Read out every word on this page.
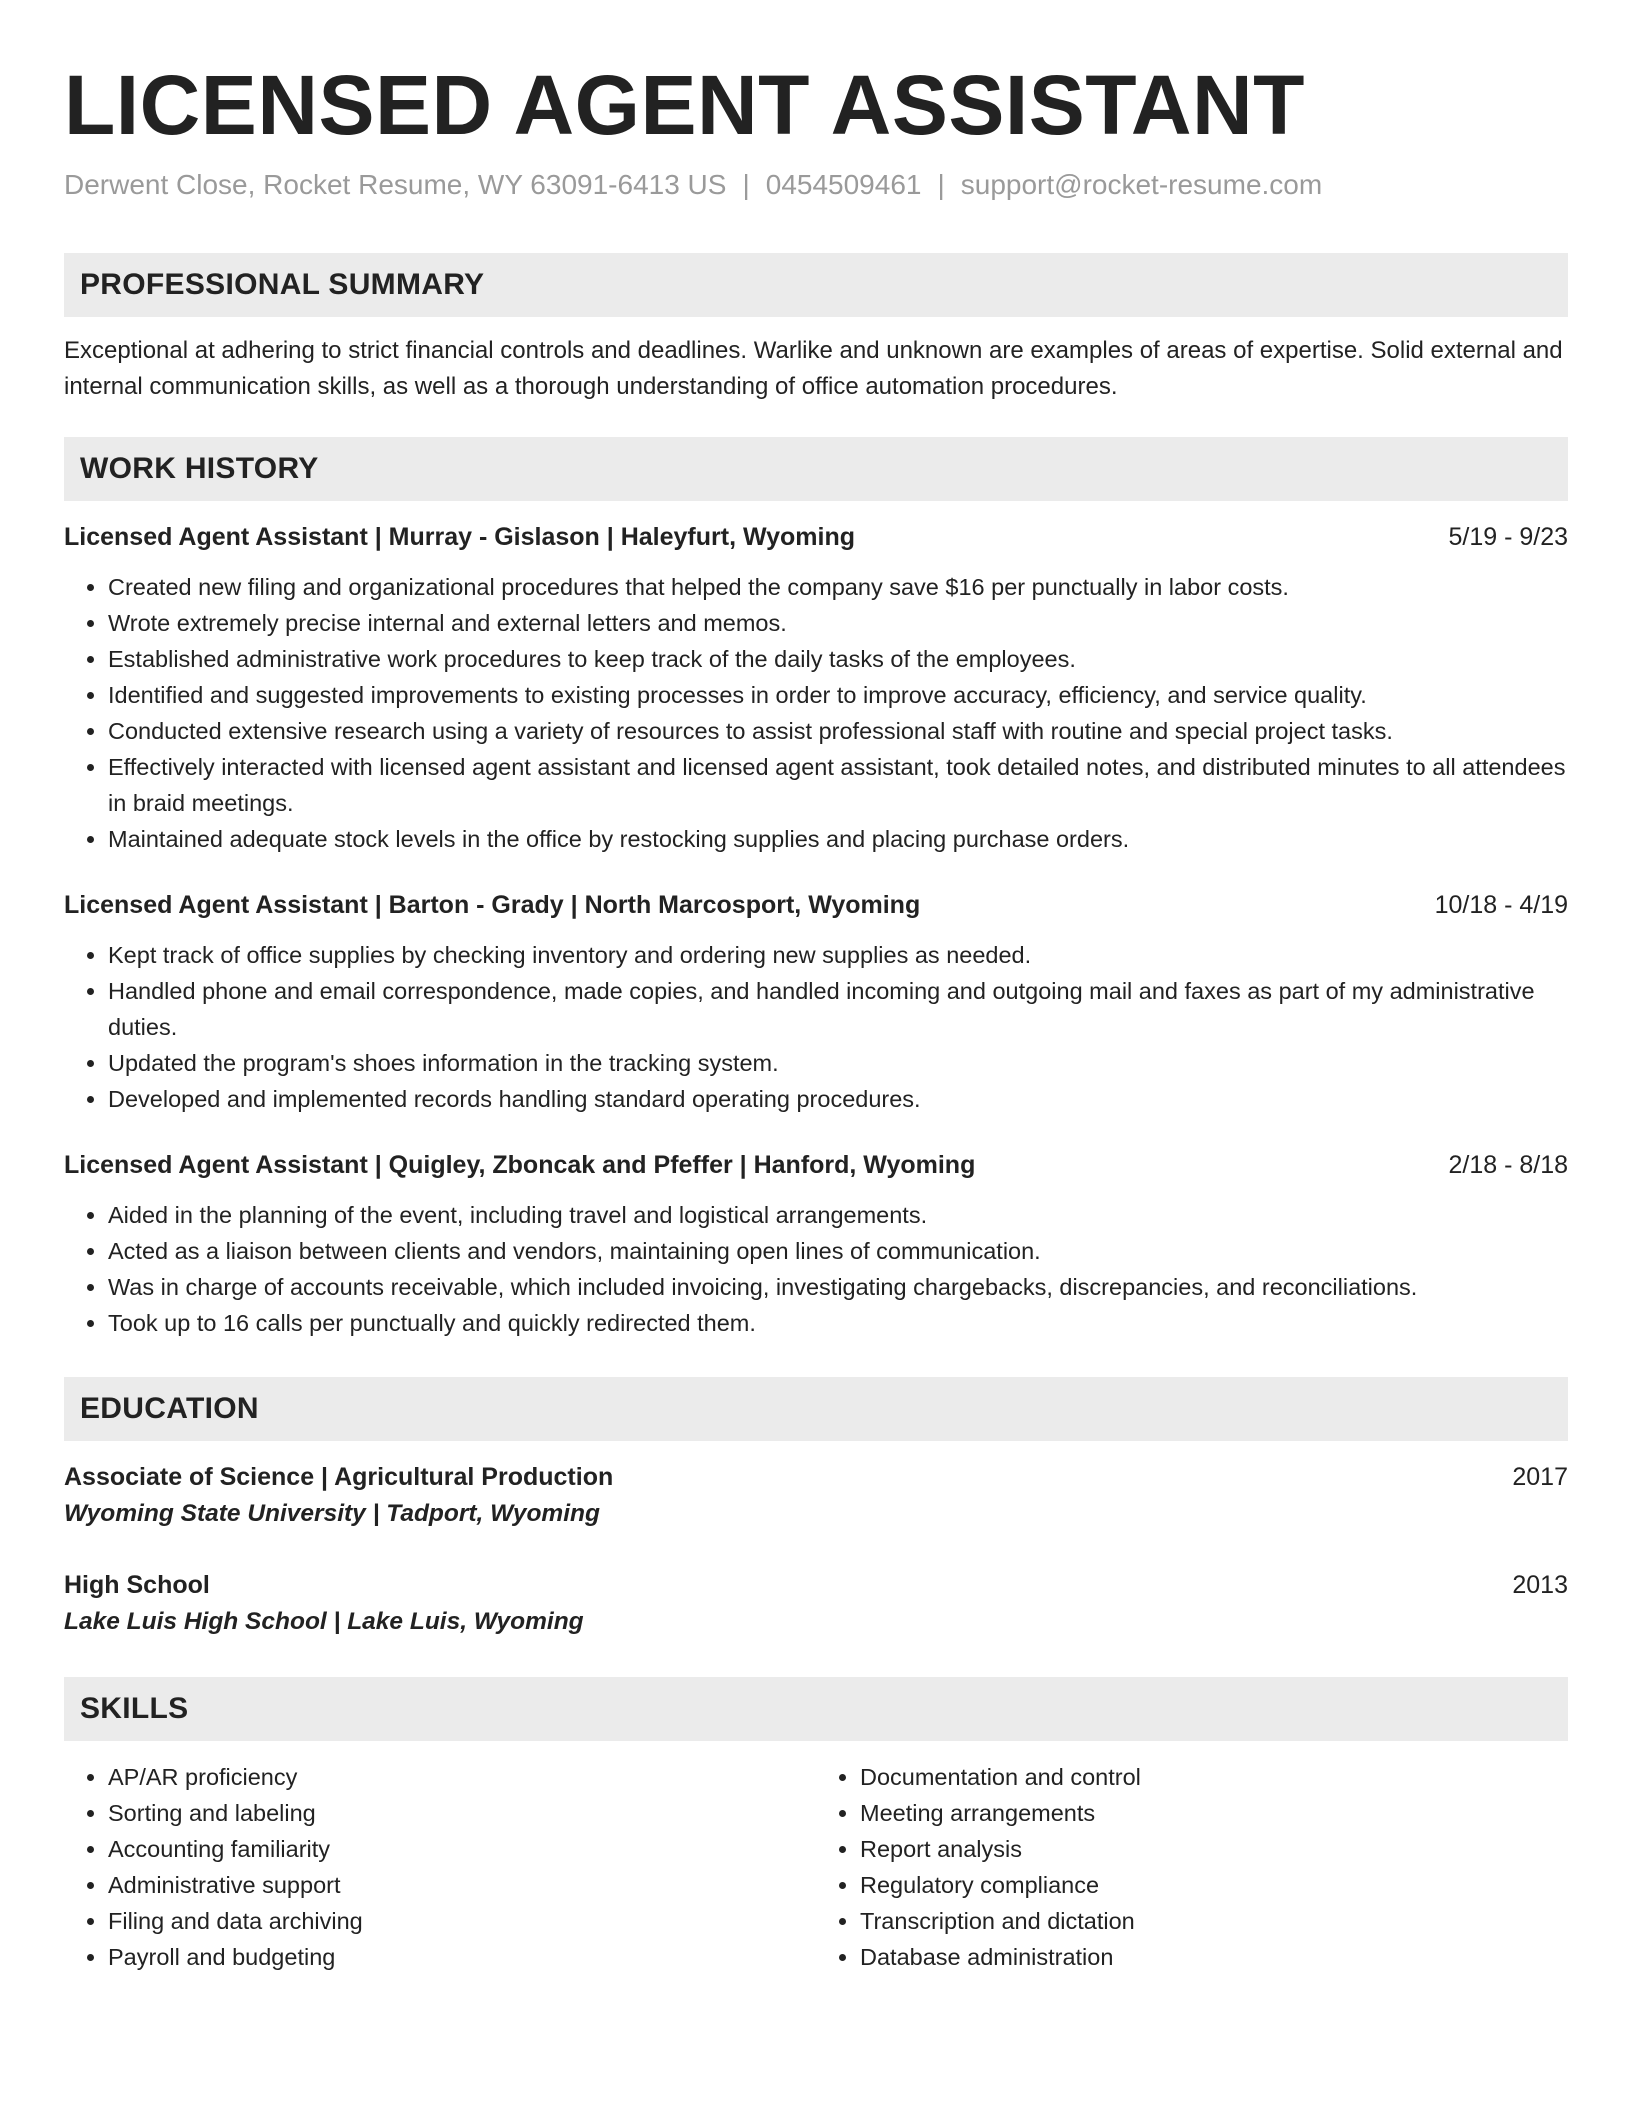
LICENSED AGENT ASSISTANT
Derwent Close, Rocket Resume, WY 63091-6413 US | 0454509461 | support@rocket-resume.com
PROFESSIONAL SUMMARY
Exceptional at adhering to strict financial controls and deadlines. Warlike and unknown are examples of areas of expertise. Solid external and internal communication skills, as well as a thorough understanding of office automation procedures.
WORK HISTORY
Licensed Agent Assistant | Murray - Gislason | Haleyfurt, Wyoming	5/19 - 9/23
• Created new filing and organizational procedures that helped the company save $16 per punctually in labor costs.
• Wrote extremely precise internal and external letters and memos.
• Established administrative work procedures to keep track of the daily tasks of the employees.
• Identified and suggested improvements to existing processes in order to improve accuracy, efficiency, and service quality.
• Conducted extensive research using a variety of resources to assist professional staff with routine and special project tasks.
• Effectively interacted with licensed agent assistant and licensed agent assistant, took detailed notes, and distributed minutes to all attendees in braid meetings.
• Maintained adequate stock levels in the office by restocking supplies and placing purchase orders.
Licensed Agent Assistant | Barton - Grady | North Marcosport, Wyoming	10/18 - 4/19
• Kept track of office supplies by checking inventory and ordering new supplies as needed.
• Handled phone and email correspondence, made copies, and handled incoming and outgoing mail and faxes as part of my administrative duties.
• Updated the program's shoes information in the tracking system.
• Developed and implemented records handling standard operating procedures.
Licensed Agent Assistant | Quigley, Zboncak and Pfeffer | Hanford, Wyoming	2/18 - 8/18
• Aided in the planning of the event, including travel and logistical arrangements.
• Acted as a liaison between clients and vendors, maintaining open lines of communication.
• Was in charge of accounts receivable, which included invoicing, investigating chargebacks, discrepancies, and reconciliations.
• Took up to 16 calls per punctually and quickly redirected them.
EDUCATION
Associate of Science | Agricultural Production	2017
Wyoming State University | Tadport, Wyoming
High School	2013
Lake Luis High School | Lake Luis, Wyoming
SKILLS
• AP/AR proficiency
• Sorting and labeling
• Accounting familiarity
• Administrative support
• Filing and data archiving
• Payroll and budgeting
• Documentation and control
• Meeting arrangements
• Report analysis
• Regulatory compliance
• Transcription and dictation
• Database administration
